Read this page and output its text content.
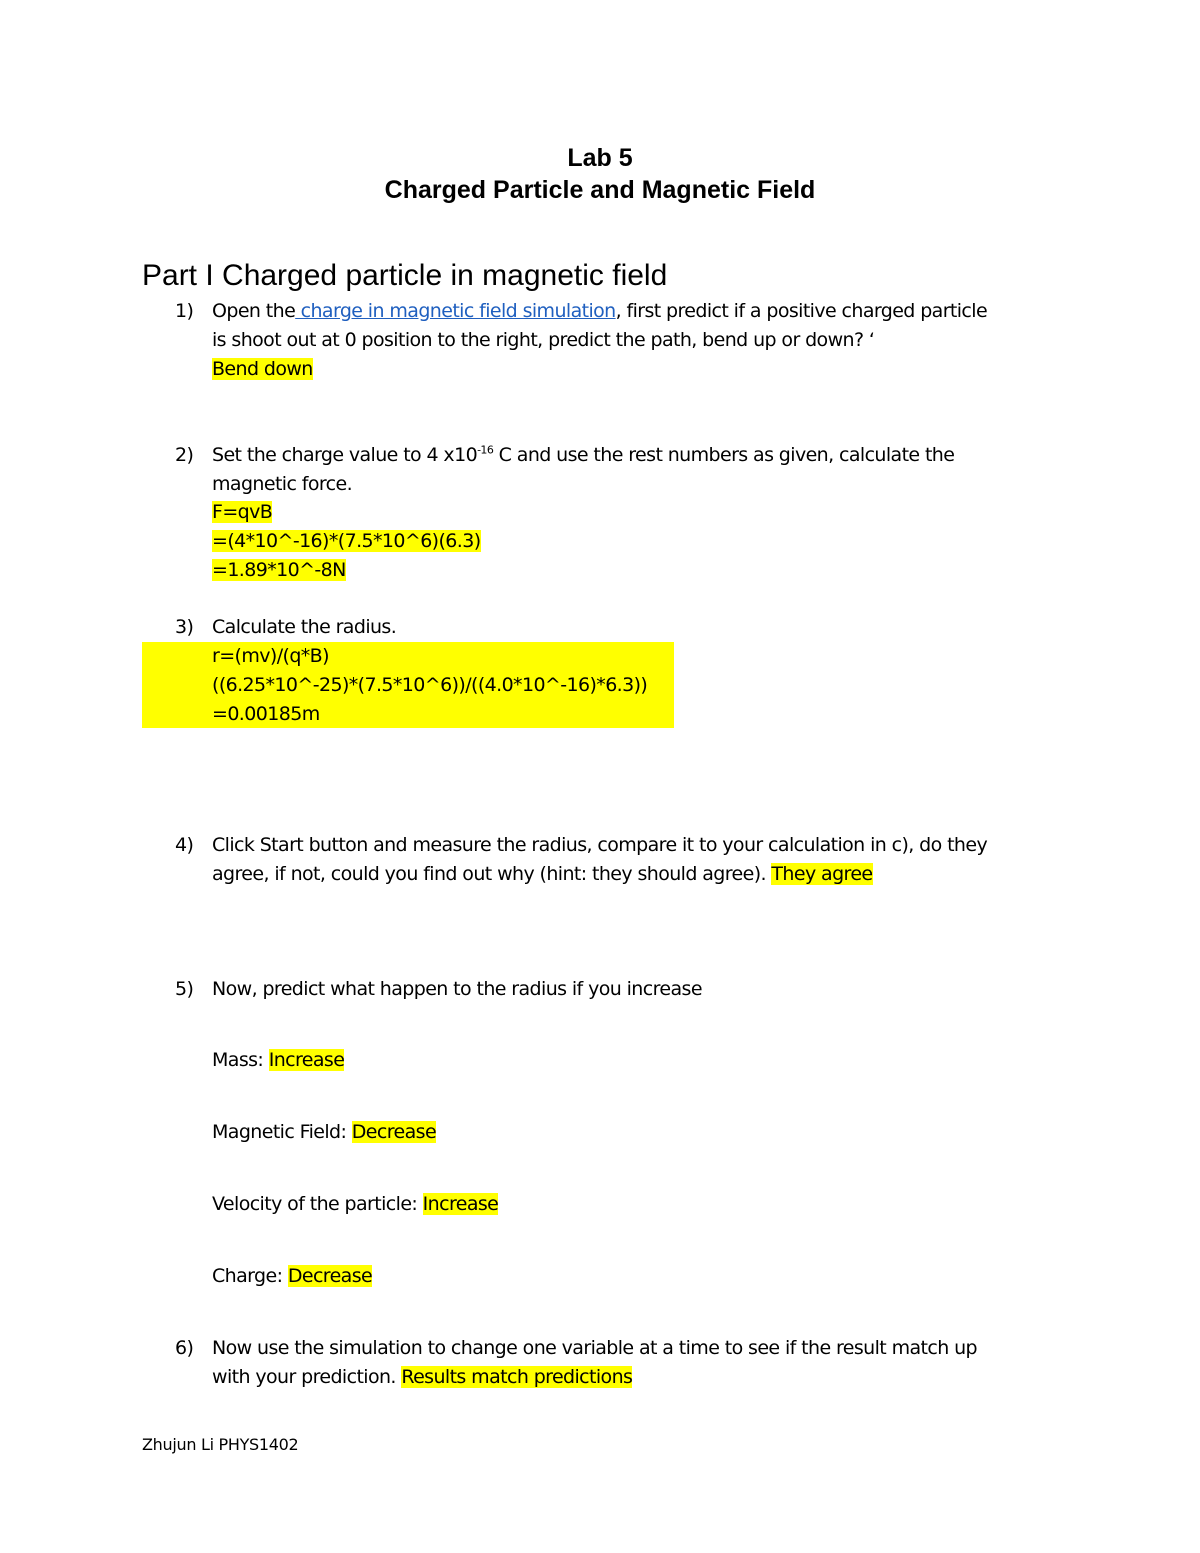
Lab 5
Charged Particle and Magnetic Field
Part I Charged particle in magnetic field
1) Open the charge in magnetic field simulation, first predict if a positive charged particle
is shoot out at 0 position to the right, predict the path, bend up or down? ‘
Bend down
2) Set the charge value to 4 $x10^{-16}$ C and use the rest numbers as given, calculate the
magnetic force.
F=qvB
=(4*10^-16)*(7.5*10^6)(6.3)
=1.89*10^-8N
3) Calculate the radius.
r=(mv)/(q*B)
((6.25*10^-25)*(7.5*10^6))/((4.0*10^-16)*6.3))
=0.00185m
4) Click Start button and measure the radius, compare it to your calculation in c), do they
agree, if not, could you find out why (hint: they should agree). They agree
5) Now, predict what happen to the radius if you increase
Mass: Increase
Magnetic Field: Decrease
Velocity of the particle: Increase
Charge: Decrease
6) Now use the simulation to change one variable at a time to see if the result match up
with your prediction. Results match predictions
Zhujun Li PHYS1402
